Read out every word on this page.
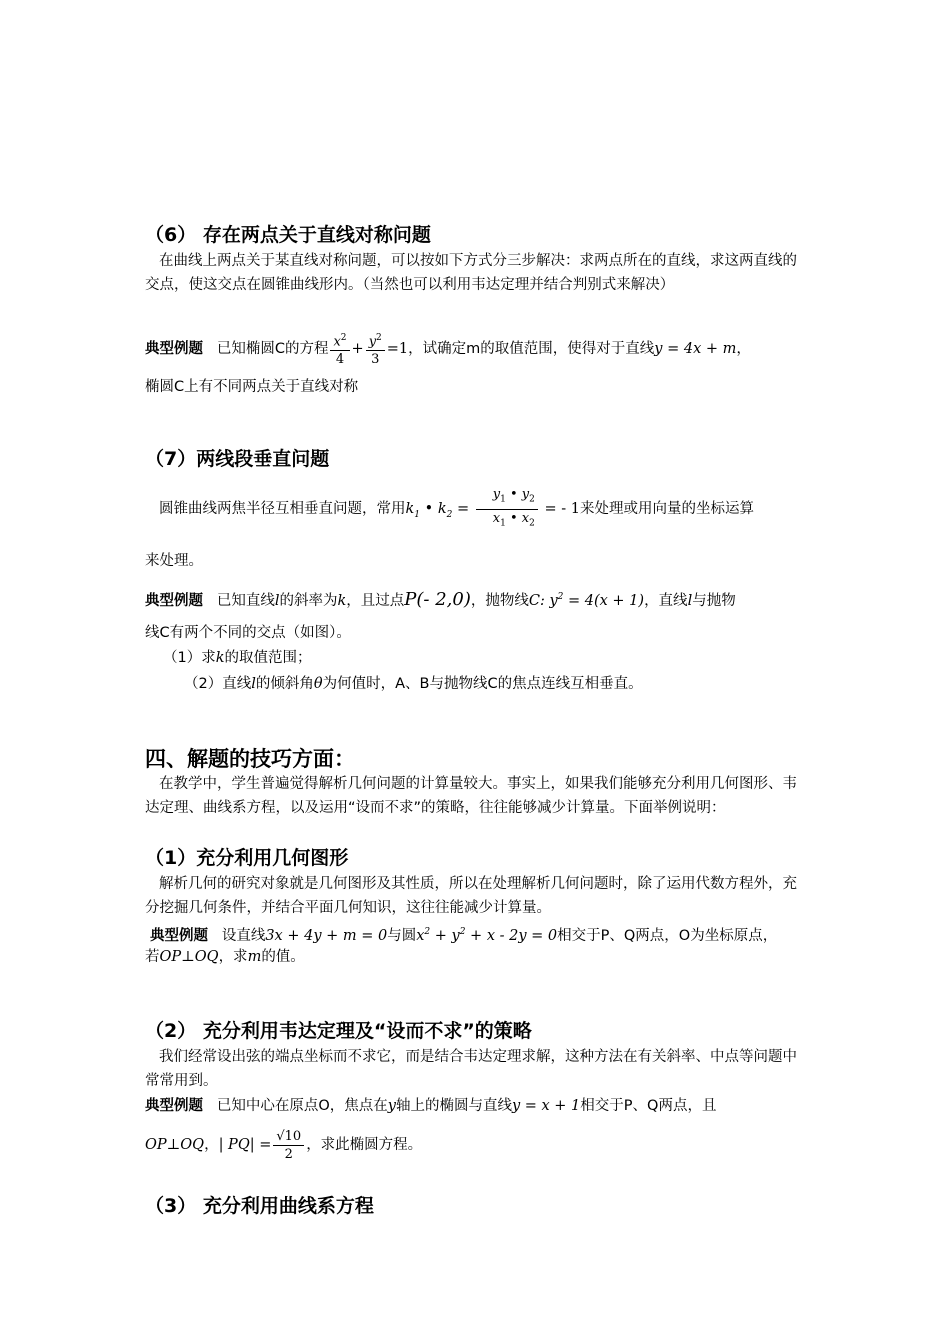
（6） 存在两点关于直线对称问题
在曲线上两点关于某直线对称问题，可以按如下方式分三步解决：求两点所在的直线，求这两直线的交点，使这交点在圆锥曲线形内。（当然也可以利用韦达定理并结合判别式来解决）
典型例题 已知椭圆C的方程 $\frac{x^2}{4} + \frac{y^2}{3} =1$，试确定m的取值范围，使得对于直线y = 4x + m，
椭圆C上有不同两点关于直线对称
（7）两线段垂直问题
圆锥曲线两焦半径互相垂直问题，常用$k_1$ • $k_2 = \frac{y_1 • y_2}{x_1 • x_2}$ = - 1来处理或用向量的坐标运算
来处理。
典型例题 已知直线l的斜率为k，且过点P(- 2,0)，抛物线C: $y^2 = 4(x + 1)$，直线l与抛物
线C有两个不同的交点（如图）。
（1）求k的取值范围；
（2）直线l的倾斜角θ为何值时，A、B与抛物线C的焦点连线互相垂直。
四、解题的技巧方面：
在教学中，学生普遍觉得解析几何问题的计算量较大。事实上，如果我们能够充分利用几何图形、韦达定理、曲线系方程，以及运用“设而不求”的策略，往往能够减少计算量。下面举例说明：
（1）充分利用几何图形
解析几何的研究对象就是几何图形及其性质，所以在处理解析几何问题时，除了运用代数方程外，充分挖掘几何条件，并结合平面几何知识，这往往能减少计算量。
典型例题 设直线3x + 4y + m = 0与圆$x^2 + y^2 + x - 2y = 0$相交于P、Q两点，O为坐标原点，
若OP⊥OQ，求m的值。
（2） 充分利用韦达定理及“设而不求”的策略
我们经常设出弦的端点坐标而不求它，而是结合韦达定理求解，这种方法在有关斜率、中点等问题中常常用到。
典型例题 已知中心在原点O，焦点在y轴上的椭圆与直线y = x + 1相交于P、Q两点，且
OP⊥OQ，| $PQ| = \frac{√10}{2}$ ，求此椭圆方程。
（3） 充分利用曲线系方程
